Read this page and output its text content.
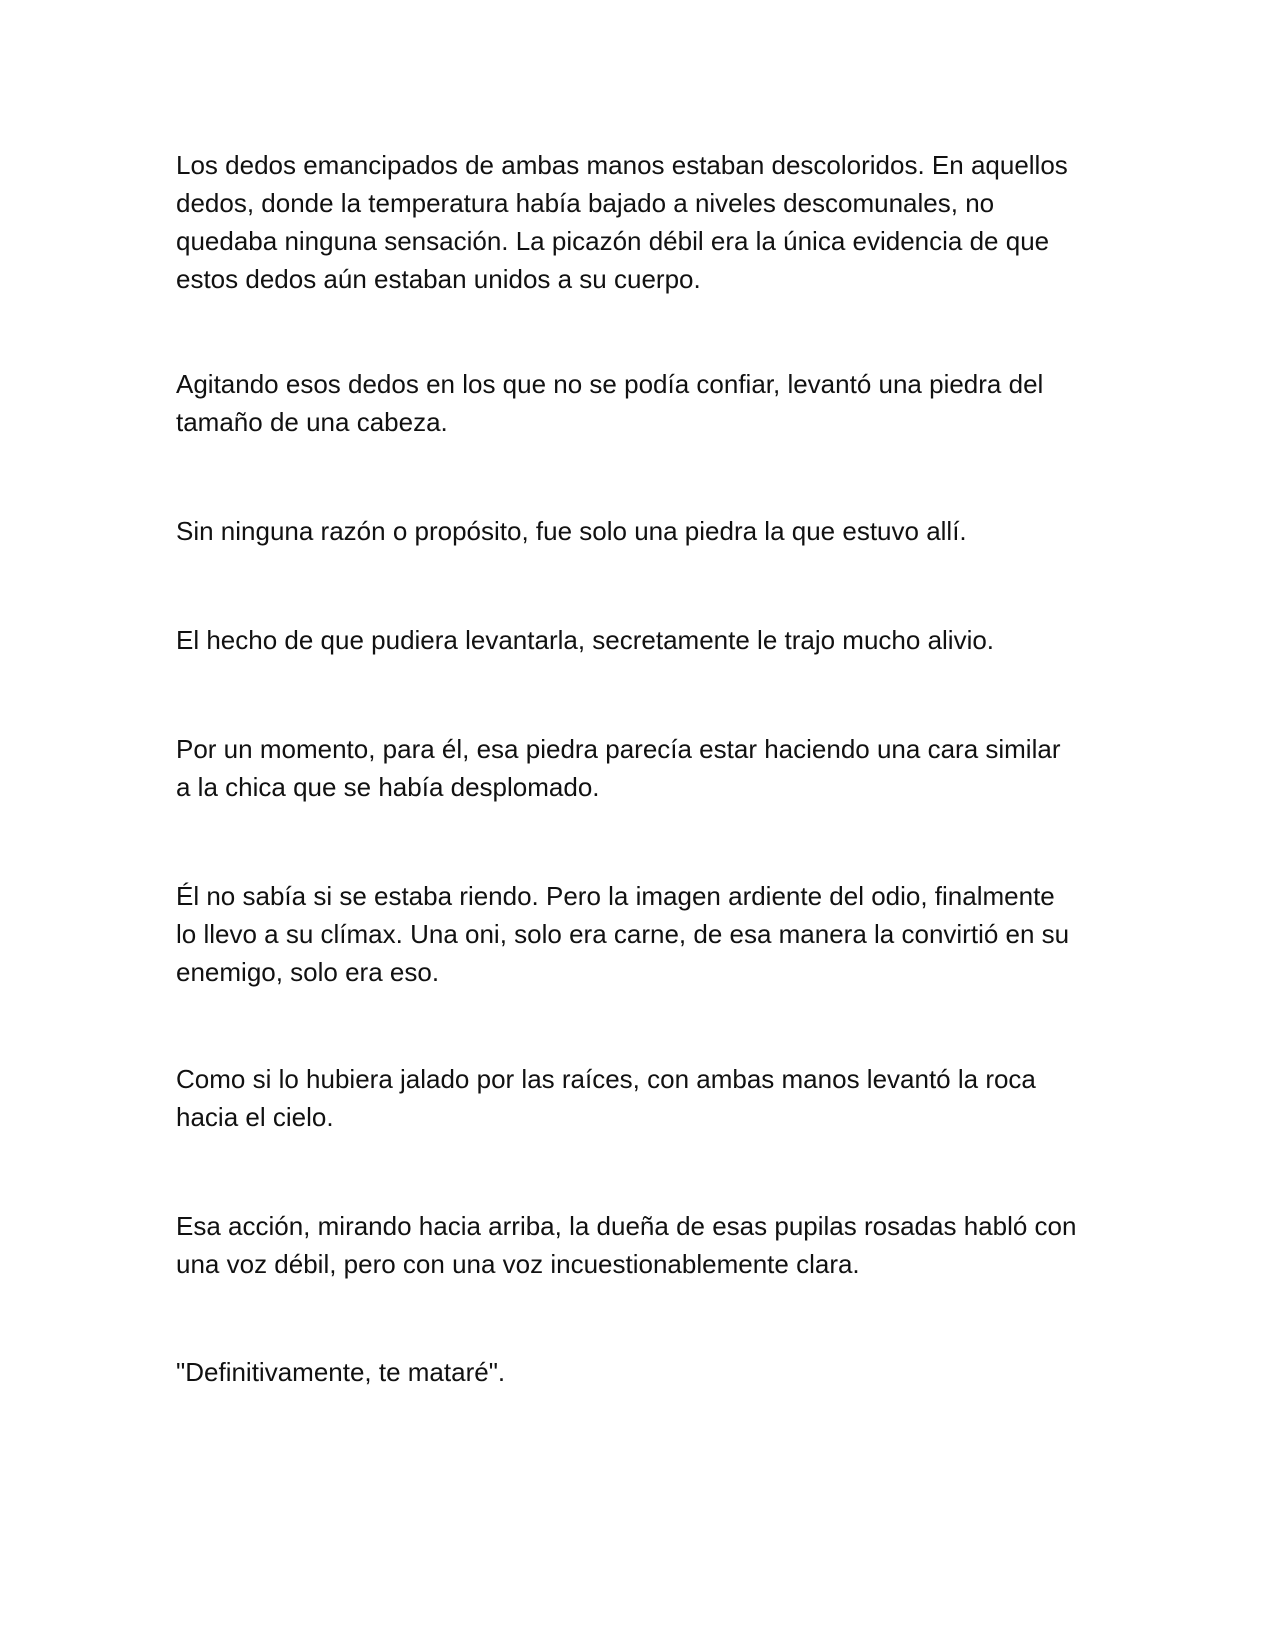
Los dedos emancipados de ambas manos estaban descoloridos. En aquellos
dedos, donde la temperatura había bajado a niveles descomunales, no
quedaba ninguna sensación. La picazón débil era la única evidencia de que
estos dedos aún estaban unidos a su cuerpo.

Agitando esos dedos en los que no se podía confiar, levantó una piedra del
tamaño de una cabeza.

Sin ninguna razón o propósito, fue solo una piedra la que estuvo allí.

El hecho de que pudiera levantarla, secretamente le trajo mucho alivio.

Por un momento, para él, esa piedra parecía estar haciendo una cara similar
a la chica que se había desplomado.

Él no sabía si se estaba riendo. Pero la imagen ardiente del odio, finalmente
lo llevo a su clímax. Una oni, solo era carne, de esa manera la convirtió en su
enemigo, solo era eso.

Como si lo hubiera jalado por las raíces, con ambas manos levantó la roca
hacia el cielo.

Esa acción, mirando hacia arriba, la dueña de esas pupilas rosadas habló con
una voz débil, pero con una voz incuestionablemente clara.

"Definitivamente, te mataré".
